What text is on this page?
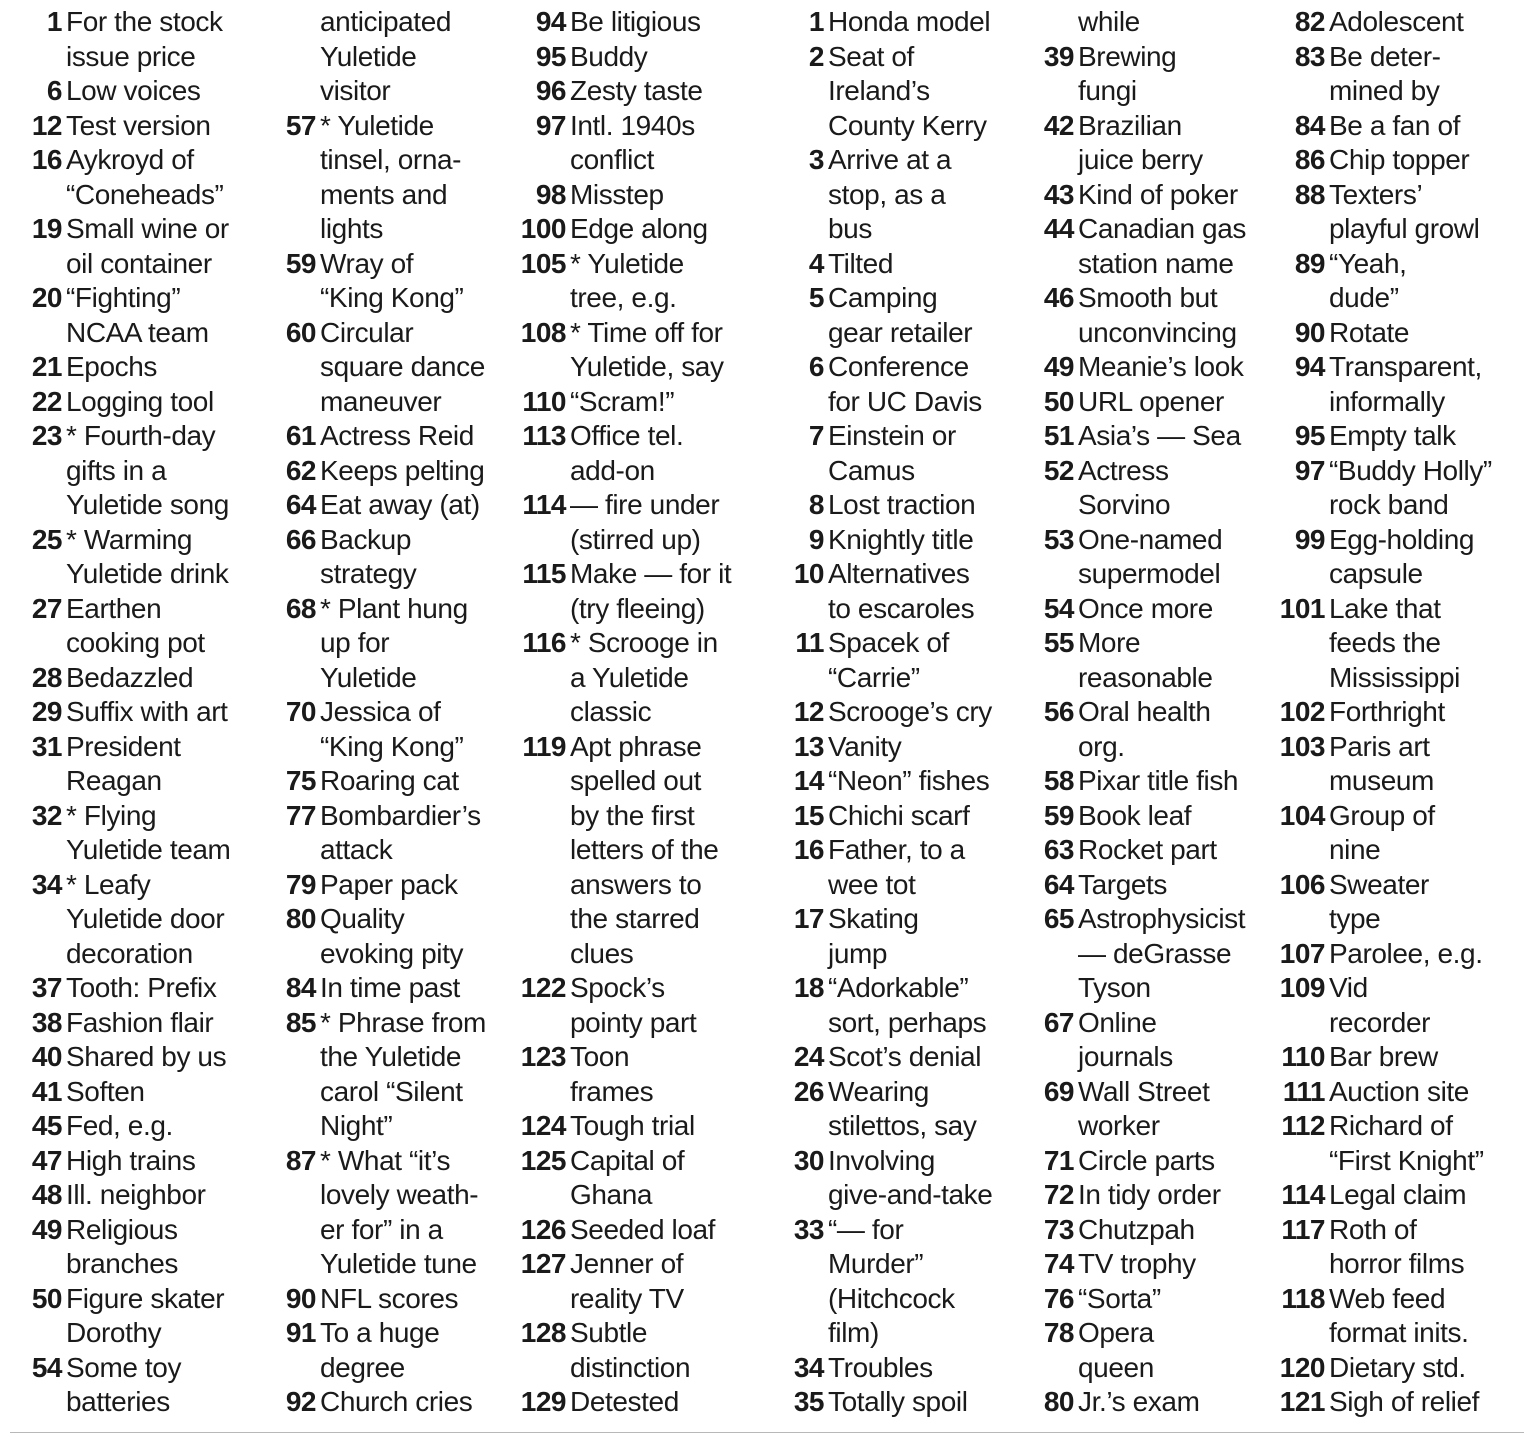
1 For the stock
issue price
6 Low voices
12 Test version
16 Aykroyd of
“Coneheads”
19 Small wine or
oil container
20 “Fighting”
NCAA team
21 Epochs
22 Logging tool
23 * Fourth-day
gifts in a
Yuletide song
25 * Warming
Yuletide drink
27 Earthen
cooking pot
28 Bedazzled
29 Suffix with art
31 President
Reagan
32 * Flying
Yuletide team
34 * Leafy
Yuletide door
decoration
37 Tooth: Prefix
38 Fashion flair
40 Shared by us
41 Soften
45 Fed, e.g.
47 High trains
48 Ill. neighbor
49 Religious
branches
50 Figure skater
Dorothy
54 Some toy
batteries
anticipated
Yuletide
visitor
57 * Yuletide
tinsel, orna-
ments and
lights
59 Wray of
“King Kong”
60 Circular
square dance
maneuver
61 Actress Reid
62 Keeps pelting
64 Eat away (at)
66 Backup
strategy
68 * Plant hung
up for
Yuletide
70 Jessica of
“King Kong”
75 Roaring cat
77 Bombardier’s
attack
79 Paper pack
80 Quality
evoking pity
84 In time past
85 * Phrase from
the Yuletide
carol “Silent
Night”
87 * What “it’s
lovely weath-
er for” in a
Yuletide tune
90 NFL scores
91 To a huge
degree
92 Church cries
94 Be litigious
95 Buddy
96 Zesty taste
97 Intl. 1940s
conflict
98 Misstep
100 Edge along
105 * Yuletide
tree, e.g.
108 * Time off for
Yuletide, say
110 “Scram!”
113 Office tel.
add-on
114 — fire under
(stirred up)
115 Make — for it
(try fleeing)
116 * Scrooge in
a Yuletide
classic
119 Apt phrase
spelled out
by the first
letters of the
answers to
the starred
clues
122 Spock’s
pointy part
123 Toon
frames
124 Tough trial
125 Capital of
Ghana
126 Seeded loaf
127 Jenner of
reality TV
128 Subtle
distinction
129 Detested
1 Honda model
2 Seat of
Ireland’s
County Kerry
3 Arrive at a
stop, as a
bus
4 Tilted
5 Camping
gear retailer
6 Conference
for UC Davis
7 Einstein or
Camus
8 Lost traction
9 Knightly title
10 Alternatives
to escaroles
11 Spacek of
“Carrie”
12 Scrooge’s cry
13 Vanity
14 “Neon” fishes
15 Chichi scarf
16 Father, to a
wee tot
17 Skating
jump
18 “Adorkable”
sort, perhaps
24 Scot’s denial
26 Wearing
stilettos, say
30 Involving
give-and-take
33 “— for
Murder”
(Hitchcock
film)
34 Troubles
35 Totally spoil
while
39 Brewing
fungi
42 Brazilian
juice berry
43 Kind of poker
44 Canadian gas
station name
46 Smooth but
unconvincing
49 Meanie’s look
50 URL opener
51 Asia’s — Sea
52 Actress
Sorvino
53 One-named
supermodel
54 Once more
55 More
reasonable
56 Oral health
org.
58 Pixar title fish
59 Book leaf
63 Rocket part
64 Targets
65 Astrophysicist
— deGrasse
Tyson
67 Online
journals
69 Wall Street
worker
71 Circle parts
72 In tidy order
73 Chutzpah
74 TV trophy
76 “Sorta”
78 Opera
queen
80 Jr.’s exam
82 Adolescent
83 Be deter-
mined by
84 Be a fan of
86 Chip topper
88 Texters’
playful growl
89 “Yeah,
dude”
90 Rotate
94 Transparent,
informally
95 Empty talk
97 “Buddy Holly”
rock band
99 Egg-holding
capsule
101 Lake that
feeds the
Mississippi
102 Forthright
103 Paris art
museum
104 Group of
nine
106 Sweater
type
107 Parolee, e.g.
109 Vid
recorder
110 Bar brew
111 Auction site
112 Richard of
“First Knight”
114 Legal claim
117 Roth of
horror films
118 Web feed
format inits.
120 Dietary std.
121 Sigh of relief
